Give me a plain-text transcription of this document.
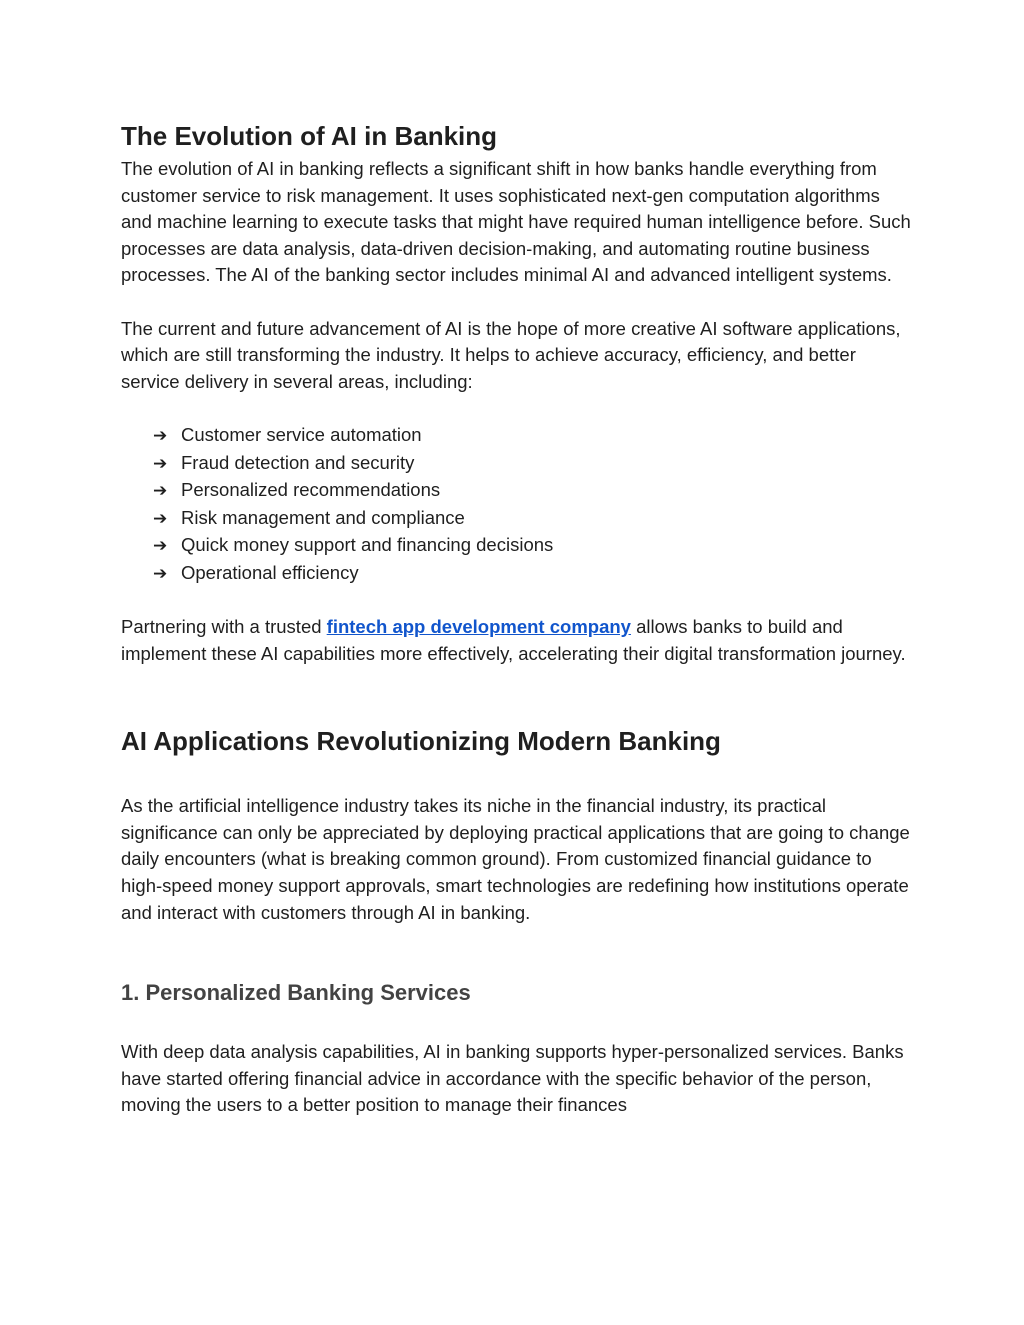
The Evolution of AI in Banking

The evolution of AI in banking reflects a significant shift in how banks handle everything from customer service to risk management. It uses sophisticated next-gen computation algorithms and machine learning to execute tasks that might have required human intelligence before. Such processes are data analysis, data-driven decision-making, and automating routine business processes. The AI of the banking sector includes minimal AI and advanced intelligent systems.

The current and future advancement of AI is the hope of more creative AI software applications, which are still transforming the industry. It helps to achieve accuracy, efficiency, and better service delivery in several areas, including:

➔ Customer service automation
➔ Fraud detection and security
➔ Personalized recommendations
➔ Risk management and compliance
➔ Quick money support and financing decisions
➔ Operational efficiency

Partnering with a trusted fintech app development company allows banks to build and implement these AI capabilities more effectively, accelerating their digital transformation journey.

AI Applications Revolutionizing Modern Banking

As the artificial intelligence industry takes its niche in the financial industry, its practical significance can only be appreciated by deploying practical applications that are going to change daily encounters (what is breaking common ground). From customized financial guidance to high-speed money support approvals, smart technologies are redefining how institutions operate and interact with customers through AI in banking.

1. Personalized Banking Services

With deep data analysis capabilities, AI in banking supports hyper-personalized services. Banks have started offering financial advice in accordance with the specific behavior of the person, moving the users to a better position to manage their finances
